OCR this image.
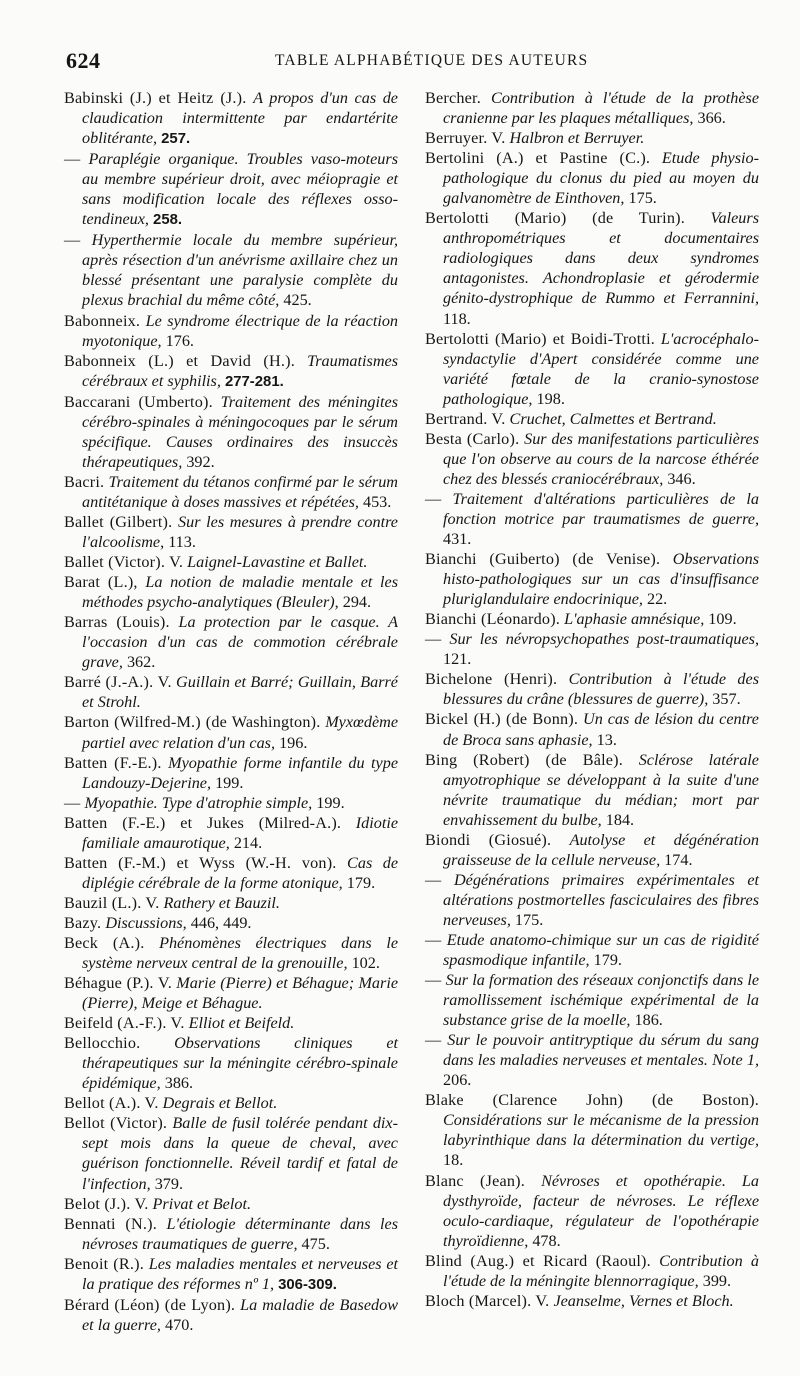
624	TABLE ALPHABÉTIQUE DES AUTEURS

Babinski (J.) et Heitz (J.). A propos d'un cas de claudication intermittente par endartérite oblitérante, 257.

— Paraplégie organique. Troubles vaso-moteurs au membre supérieur droit, avec méiopragie et sans modification locale des réflexes osso-tendineux, 258.

— Hyperthermie locale du membre supérieur, après résection d'un anévrisme axillaire chez un blessé présentant une paralysie complète du plexus brachial du même côté, 425.

Babonneix. Le syndrome électrique de la réaction myotonique, 176.

Babonneix (L.) et David (H.). Traumatismes cérébraux et syphilis, 277-281.

Baccarani (Umberto). Traitement des méningites cérébro-spinales à méningocoques par le sérum spécifique. Causes ordinaires des insuccès thérapeutiques, 392.

Bacri. Traitement du tétanos confirmé par le sérum antitétanique à doses massives et répétées, 453.

Ballet (Gilbert). Sur les mesures à prendre contre l'alcoolisme, 113.

Ballet (Victor). V. Laignel-Lavastine et Ballet.

Barat (L.), La notion de maladie mentale et les méthodes psycho-analytiques (Bleuler), 294.

Barras (Louis). La protection par le casque. A l'occasion d'un cas de commotion cérébrale grave, 362.

Barré (J.-A.). V. Guillain et Barré; Guillain, Barré et Strohl.

Barton (Wilfred-M.) (de Washington). Myxœdème partiel avec relation d'un cas, 196.

Batten (F.-E.). Myopathie forme infantile du type Landouzy-Dejerine, 199.

— Myopathie. Type d'atrophie simple, 199.

Batten (F.-E.) et Jukes (Milred-A.). Idiotie familiale amaurotique, 214.

Batten (F.-M.) et Wyss (W.-H. von). Cas de diplégie cérébrale de la forme atonique, 179.

Bauzil (L.). V. Rathery et Bauzil.

Bazy. Discussions, 446, 449.

Beck (A.). Phénomènes électriques dans le système nerveux central de la grenouille, 102.

Béhague (P.). V. Marie (Pierre) et Béhague; Marie (Pierre), Meige et Béhague.

Beifeld (A.-F.). V. Elliot et Beifeld.

Bellocchio. Observations cliniques et thérapeutiques sur la méningite cérébro-spinale épidémique, 386.

Bellot (A.). V. Degrais et Bellot.

Bellot (Victor). Balle de fusil tolérée pendant dix-sept mois dans la queue de cheval, avec guérison fonctionnelle. Réveil tardif et fatal de l'infection, 379.

Belot (J.). V. Privat et Belot.

Bennati (N.). L'étiologie déterminante dans les névroses traumatiques de guerre, 475.

Benoit (R.). Les maladies mentales et nerveuses et la pratique des réformes nº 1, 306-309.

Bérard (Léon) (de Lyon). La maladie de Basedow et la guerre, 470.

Bercher. Contribution à l'étude de la prothèse cranienne par les plaques métalliques, 366.

Berruyer. V. Halbron et Berruyer.

Bertolini (A.) et Pastine (C.). Etude physio-pathologique du clonus du pied au moyen du galvanomètre de Einthoven, 175.

Bertolotti (Mario) (de Turin). Valeurs anthropométriques et documentaires radiologiques dans deux syndromes antagonistes. Achondroplasie et gérodermie génito-dystrophique de Rummo et Ferrannini, 118.

Bertolotti (Mario) et Boidi-Trotti. L'acrocéphalo-syndactylie d'Apert considérée comme une variété fœtale de la cranio-synostose pathologique, 198.

Bertrand. V. Cruchet, Calmettes et Bertrand.

Besta (Carlo). Sur des manifestations particulières que l'on observe au cours de la narcose éthérée chez des blessés craniocérébraux, 346.

— Traitement d'altérations particulières de la fonction motrice par traumatismes de guerre, 431.

Bianchi (Guiberto) (de Venise). Observations histo-pathologiques sur un cas d'insuffisance pluriglandulaire endocrinique, 22.

Bianchi (Léonardo). L'aphasie amnésique, 109.

— Sur les névropsychopathes post-traumatiques, 121.

Bichelone (Henri). Contribution à l'étude des blessures du crâne (blessures de guerre), 357.

Bickel (H.) (de Bonn). Un cas de lésion du centre de Broca sans aphasie, 13.

Bing (Robert) (de Bâle). Sclérose latérale amyotrophique se développant à la suite d'une névrite traumatique du médian; mort par envahissement du bulbe, 184.

Biondi (Giosué). Autolyse et dégénération graisseuse de la cellule nerveuse, 174.

— Dégénérations primaires expérimentales et altérations postmortelles fasciculaires des fibres nerveuses, 175.

— Etude anatomo-chimique sur un cas de rigidité spasmodique infantile, 179.

— Sur la formation des réseaux conjonctifs dans le ramollissement ischémique expérimental de la substance grise de la moelle, 186.

— Sur le pouvoir antitryptique du sérum du sang dans les maladies nerveuses et mentales. Note 1, 206.

Blake (Clarence John) (de Boston). Considérations sur le mécanisme de la pression labyrinthique dans la détermination du vertige, 18.

Blanc (Jean). Névroses et opothérapie. La dysthyroïde, facteur de névroses. Le réflexe oculo-cardiaque, régulateur de l'opothérapie thyroïdienne, 478.

Blind (Aug.) et Ricard (Raoul). Contribution à l'étude de la méningite blennorragique, 399.

Bloch (Marcel). V. Jeanselme, Vernes et Bloch.
